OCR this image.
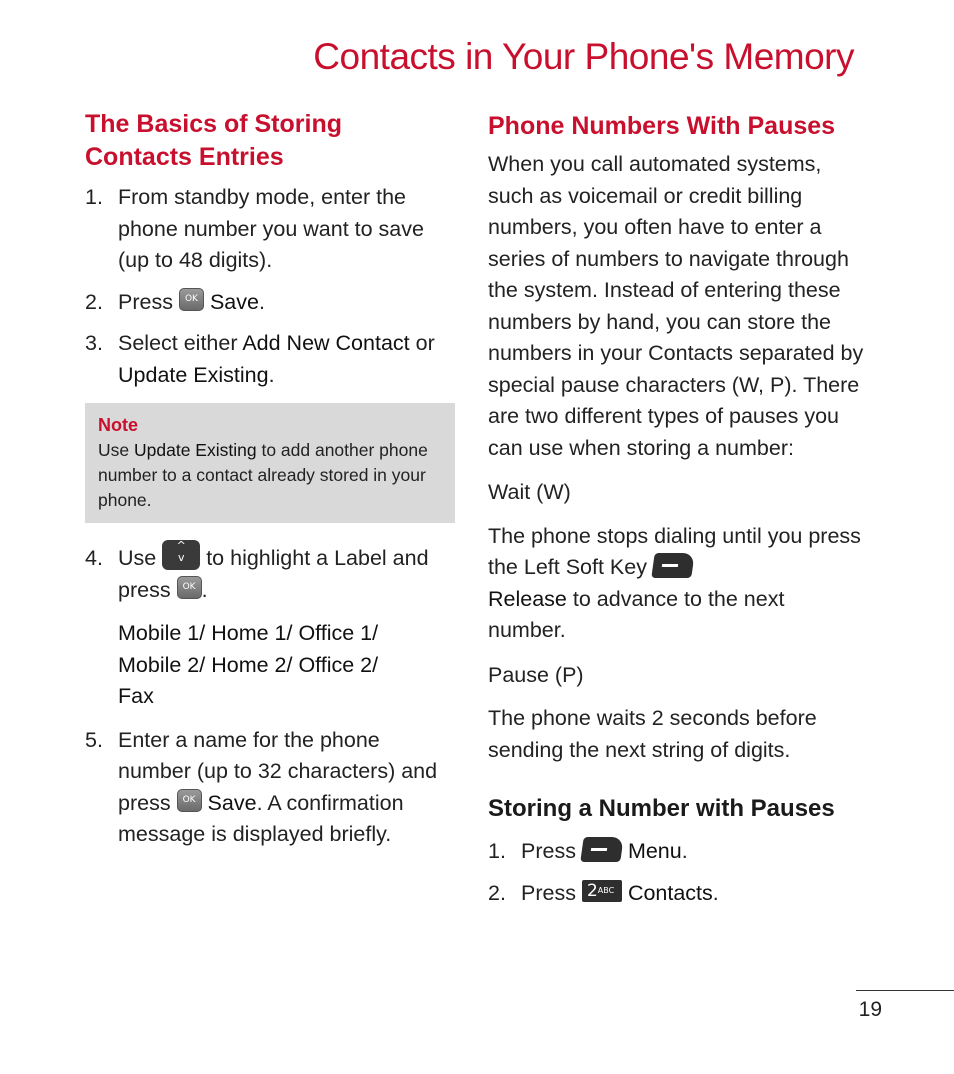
Contacts in Your Phone's Memory
The Basics of Storing
Contacts Entries
1. From standby mode, enter the phone number you want to save (up to 48 digits).
2. Press OK Save.
3. Select either Add New Contact or Update Existing.
Note
Use Update Existing to add another phone number to a contact already stored in your phone.
4. Use ^
v to highlight a Label and press OK .
Mobile 1/ Home 1/ Office 1/
Mobile 2/ Home 2/ Office 2/
Fax
5. Enter a name for the phone number (up to 32 characters) and press OK Save. A confirmation message is displayed briefly.
Phone Numbers With Pauses

When you call automated systems, such as voicemail or credit billing numbers, you often have to enter a series of numbers to navigate through the system. Instead of entering these numbers by hand, you can store the numbers in your Contacts separated by special pause characters (W, P). There are two different types of pauses you can use when storing a number:

Wait (W)

The phone stops dialing until you press the Left Soft Key
Release to advance to the next number.

Pause (P)

The phone waits 2 seconds before sending the next string of digits.

Storing a Number with Pauses
1. Press Menu.
2. Press 2ABC Contacts.
19
